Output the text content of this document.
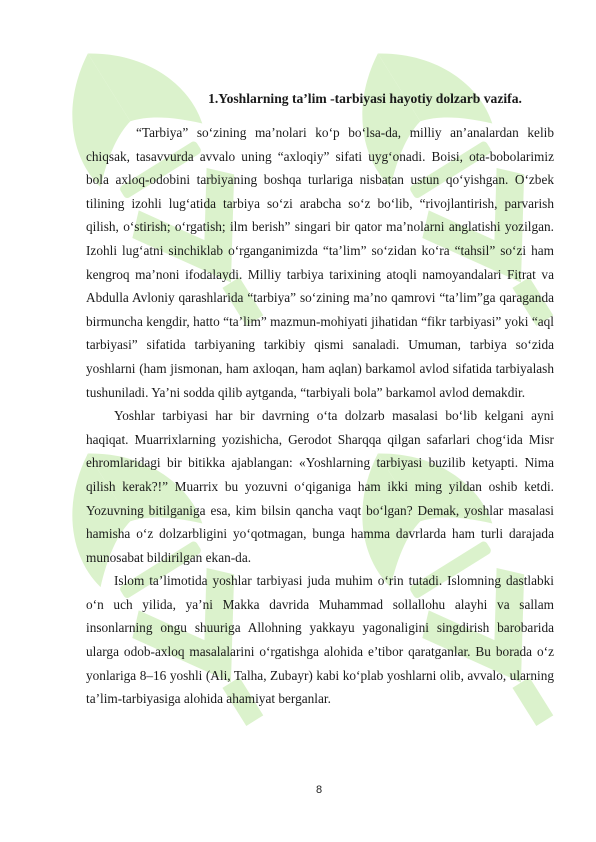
1.Yoshlarning ta’lim -tarbiyasi hayotiy dolzarb vazifa.

“Tarbiya” so‘zining ma’nolari ko‘p bo‘lsa-da, milliy an’analardan kelib chiqsak, tasavvurda avvalo uning “axloqiy” sifati uyg‘onadi. Boisi, ota-bobolarimiz bola axloq-odobini tarbiyaning boshqa turlariga nisbatan ustun qo‘yishgan. O‘zbek tilining izohli lug‘atida tarbiya so‘zi arabcha so‘z bo‘lib, “rivojlantirish, parvarish qilish, o‘stirish; o‘rgatish; ilm berish” singari bir qator ma’nolarni anglatishi yozilgan. Izohli lug‘atni sinchiklab o‘rganganimizda “ta’lim” so‘zidan ko‘ra “tahsil” so‘zi ham kengroq ma’noni ifodalaydi. Milliy tarbiya tarixining atoqli namoyandalari Fitrat va Abdulla Avloniy qarashlarida “tarbiya” so‘zining ma’no qamrovi “ta’lim”ga qaraganda birmuncha kengdir, hatto “ta’lim” mazmun-mohiyati jihatidan “fikr tarbiyasi” yoki “aql tarbiyasi” sifatida tarbiyaning tarkibiy qismi sanaladi. Umuman, tarbiya so‘zida yoshlarni (ham jismonan, ham axloqan, ham aqlan) barkamol avlod sifatida tarbiyalash tushuniladi. Ya’ni sodda qilib aytganda, “tarbiyali bola” barkamol avlod demakdir.

Yoshlar tarbiyasi har bir davrning o‘ta dolzarb masalasi bo‘lib kelgani ayni haqiqat. Muarrixlarning yozishicha, Gerodot Sharqqa qilgan safarlari chog‘ida Misr ehromlaridagi bir bitikka ajablangan: «Yoshlarning tarbiyasi buzilib ketyapti. Nima qilish kerak?!” Muarrix bu yozuvni o‘qiganiga ham ikki ming yildan oshib ketdi. Yozuvning bitilganiga esa, kim bilsin qancha vaqt bo‘lgan? Demak, yoshlar masalasi hamisha o‘z dolzarbligini yo‘qotmagan, bunga hamma davrlarda ham turli darajada munosabat bildirilgan ekan-da.

Islom ta’limotida yoshlar tarbiyasi juda muhim o‘rin tutadi. Islomning dastlabki o‘n uch yilida, ya’ni Makka davrida Muhammad sollallohu alayhi va sallam insonlarning ongu shuuriga Allohning yakkayu yagonaligini singdirish barobarida ularga odob-axloq masalalarini o‘rgatishga alohida e’tibor qaratganlar. Bu borada o‘z yonlariga 8–16 yoshli (Ali, Talha, Zubayr) kabi ko‘plab yoshlarni olib, avvalo, ularning ta’lim-tarbiyasiga alohida ahamiyat berganlar.

8
